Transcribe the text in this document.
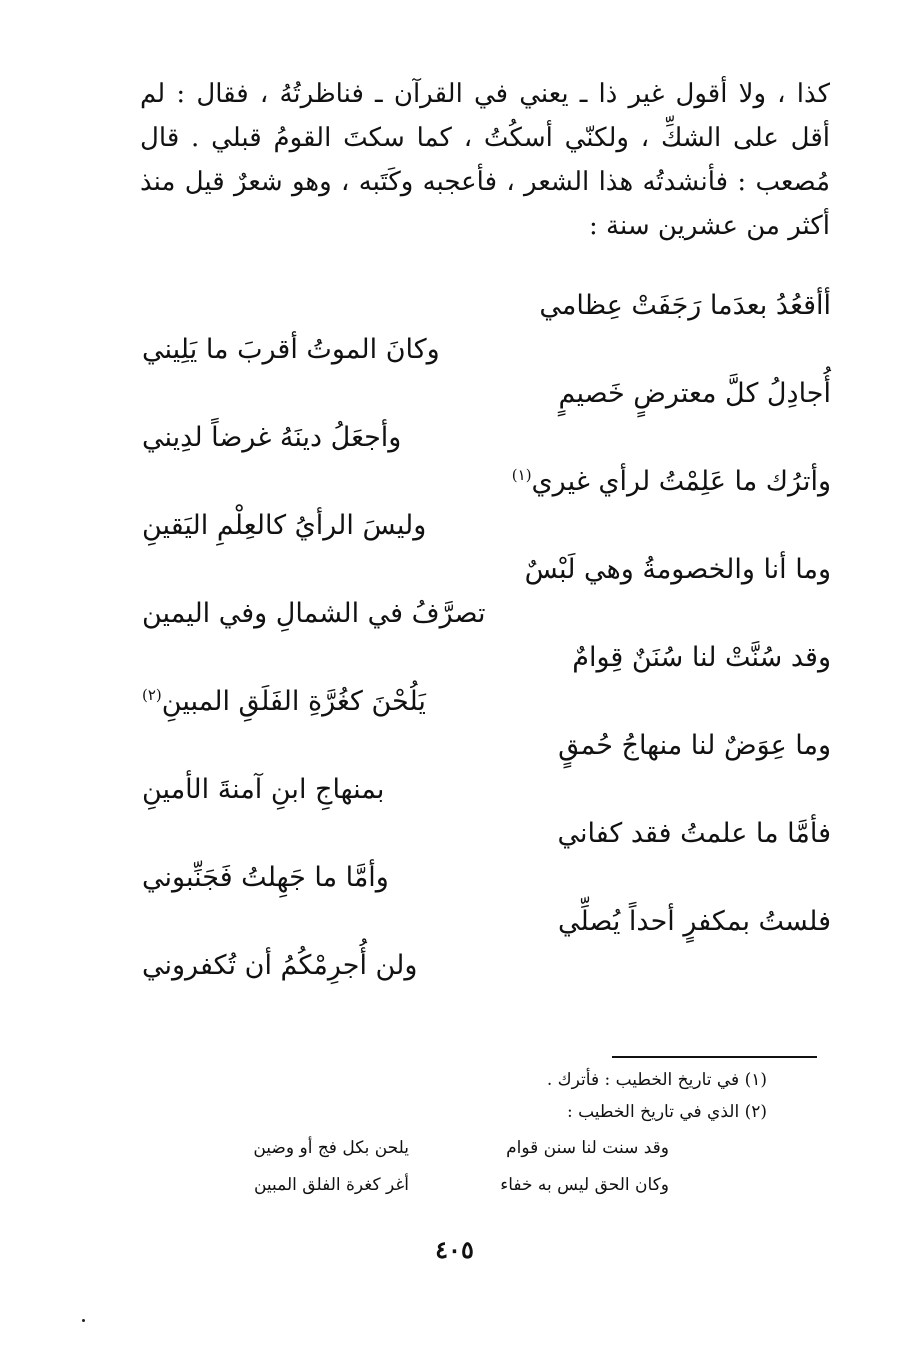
كذا ، ولا أقول غير ذا ـ يعني في القرآن ـ فناظرتُهُ ، فقال : لم أقل على الشكِّ ، ولكنّي أسكُتُ ، كما سكتَ القومُ قبلي . قال مُصعب : فأنشدتُه هذا الشعر ، فأعجبه وكَتَبه ، وهو شعرٌ قيل منذ أكثر من عشرين سنة :

أأقعُدُ بعدَما رَجَفَتْ عِظامي
وكانَ الموتُ أقربَ ما يَلِيني
أُجادِلُ كلَّ معترضٍ خَصيمٍ
وأجعَلُ دينَهُ غرضاً لدِيني
وأترُك ما عَلِمْتُ لرأي غيري$^{(١)}$
وليسَ الرأيُ كالعِلْمِ اليَقينِ
وما أنا والخصومةُ وهي لَبْسٌ
تصرَّفُ في الشمالِ وفي اليمين
وقد سُنَّتْ لنا سُنَنٌ قِوامٌ
يَلُحْنَ كغُرَّةِ الفَلَقِ المبينِ$^{(٢)}$
وما عِوَضٌ لنا منهاجُ حُمقٍ
بمنهاجِ ابنِ آمنةَ الأمينِ
فأمَّا ما علمتُ فقد كفاني
وأمَّا ما جَهِلتُ فَجَنِّبوني
فلستُ بمكفرٍ أحداً يُصلِّي
ولن أُجرِمْكُمُ أن تُكفروني
(١) في تاريخ الخطيب : فأترك .
(٢) الذي في تاريخ الخطيب :
وقد سنت لنا سنن قوام
يلحن بكل فج أو وضين
وكان الحق ليس به خفاء
أغر كغرة الفلق المبين
٤٠٥
